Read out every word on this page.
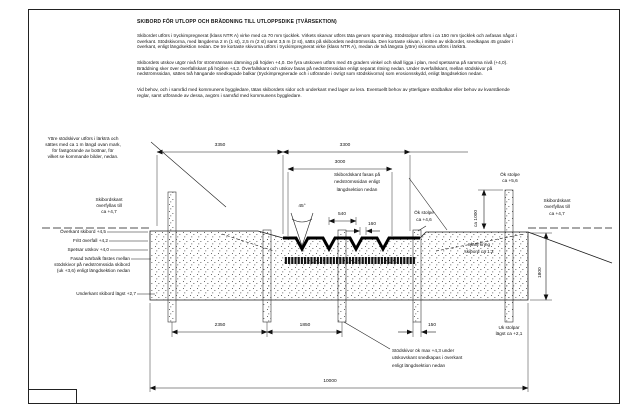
SKIBORD FÖR UTLOPP OCH BRÄDDNING TILL UTLOPPSDIKE (TVÄRSEKTION)
Skibordet utförs i tryckimpregnerat (klass NTR A) virke med ca 70 mm tjocklek. Virkets skarvar utförs täta genom spontning. Stödstolpar utförs i ca 150 mm tjocklek och avfasas något i överkant. Stödskivorna, med längderna 2 m (1 st), 2,5 m (2 st) samt 3,5 m (2 st), sätts på skibordets nedströmssida. Den kortaste skivan, i mitten av skibordet, snedkapas 45 grader i överkant, enligt längdsektion nedan. De tre kortaste skivorna utförs i tryckimpregnerat virke (klass NTR A), medan de två längsta (yttre) skivorna utförs i lärkträ.
Skibordets utskov utgör nivå för strömrännans dämning på höjden +4,0. De fyra utskoven utförs med 45 graders vinkel och skall ligga i plan, med spetsarna på samma nivå (+4,0). Bräddning sker över överfallskant på höjden +4,2. Överfallskant och utskov fasas på nedströmssidan enligt separat ritning nedan. Under överfallskant, mellan stödskivor på nedströmssidan, sättes två hängande snedkapade balkar (tryckimpregnerade och i utförande i övrigt som stödskivorna) som erosionsskydd, enligt längdsektion nedan.
Vid behov, och i samråd med kommunens byggledare, tätas skibordets sidor och underkant med lager av lera. Eventuellt behov av ytterligare stödbalkar eller behov av kvarstående reglar, samt utförande av dessa, avgörs i samråd med kommunens byggledare.
Yttre stödskivor utförs i lärkträ och
sättes med ca 1 m längd ovan mark,
för fastgörande av bottnar, för
vilket se kommande bilder, nedan.
Skibordskant
överfyllas till
ca +4,7
Överkant skibord +4,5
Fritt överfall +4,2
Spetsar utskov +4,0
Fasad tvärbalk fästes mellan
stödskivor på nedströmssida skibord
(uk +3,6) enligt längdsektion nedan
Underkant skibord lägst +2,7
Skibordskant fasas på
nedströmssidan enligt
längdsektion nedan
45°
540
160
Ök stolpe
ca +4,6
Ök stolpe
ca +5,6
Skibordskant
överfyllas till
ca +4,7
Slänt kring
skibord ca 1:2
Uk stolpar
lägst ca +2,1
Stödskivor ök max +4,3 under
utskovskant snedkapas i överkant
enligt längdsektion nedan
3350	3300
3000
2350	1850	150
10000
ca 1000
1800
